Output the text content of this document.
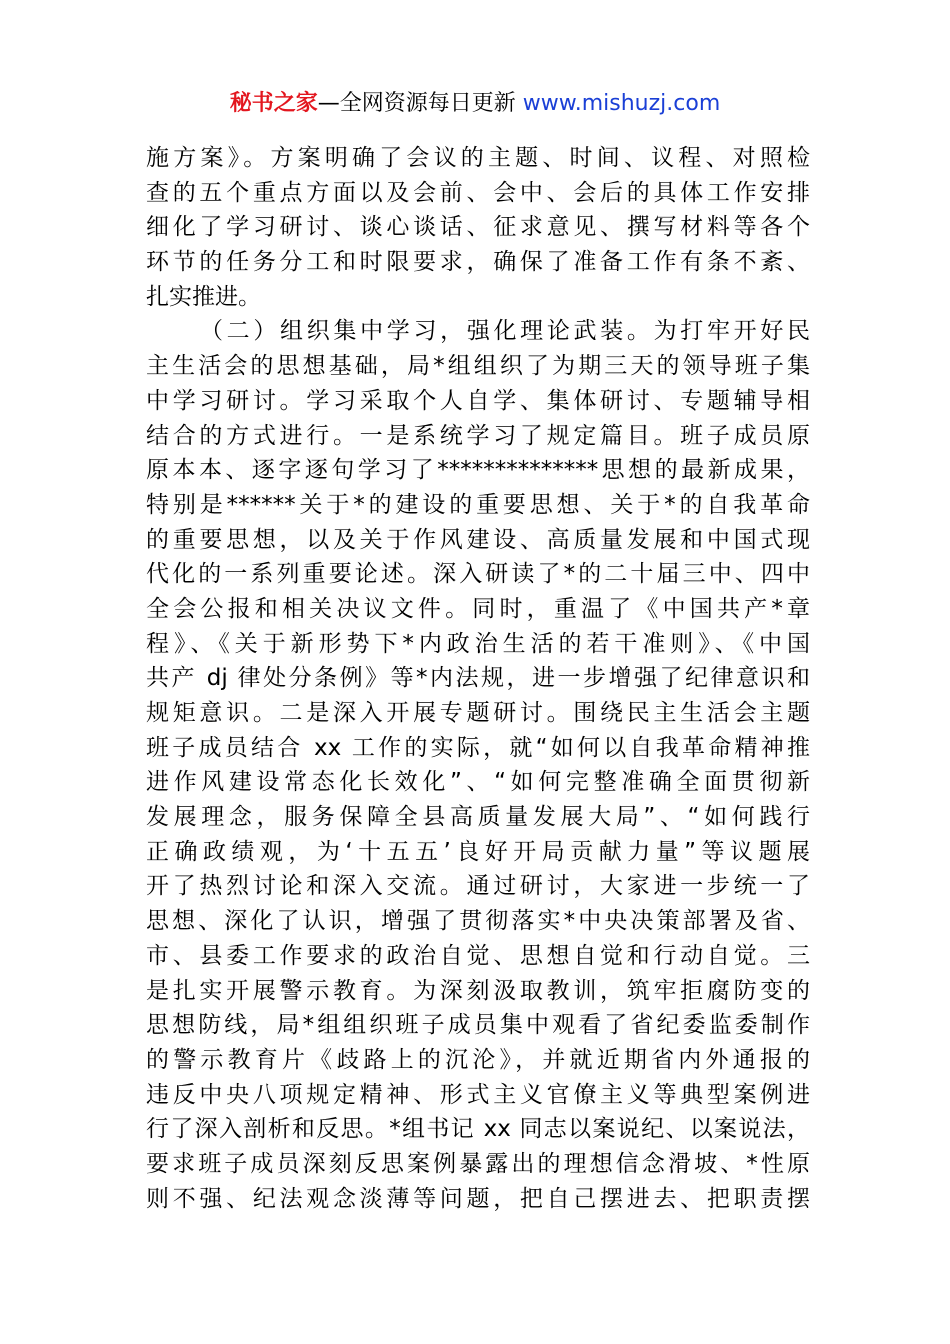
秘书之家—全网资源每日更新 www.mishuzj.com
施方案》。方案明确了会议的主题、时间、议程、对照检
查的五个重点方面以及会前、会中、会后的具体工作安排
细化了学习研讨、谈心谈话、征求意见、撰写材料等各个
环节的任务分工和时限要求，确保了准备工作有条不紊、
扎实推进。
（二）组织集中学习，强化理论武装。为打牢开好民
主生活会的思想基础，局*组组织了为期三天的领导班子集
中学习研讨。学习采取个人自学、集体研讨、专题辅导相
结合的方式进行。一是系统学习了规定篇目。班子成员原
原本本、逐字逐句学习了**************思想的最新成果，
特别是******关于*的建设的重要思想、关于*的自我革命
的重要思想，以及关于作风建设、高质量发展和中国式现
代化的一系列重要论述。深入研读了*的二十届三中、四中
全会公报和相关决议文件。同时，重温了《中国共产*章
程》、《关于新形势下*内政治生活的若干准则》、《中国
共产 dj 律处分条例》等*内法规，进一步增强了纪律意识和
规矩意识。二是深入开展专题研讨。围绕民主生活会主题
班子成员结合 xx 工作的实际，就“如何以自我革命精神推
进作风建设常态化长效化”、“如何完整准确全面贯彻新
发展理念，服务保障全县高质量发展大局”、“如何践行
正确政绩观，为‘十五五’良好开局贡献力量”等议题展
开了热烈讨论和深入交流。通过研讨，大家进一步统一了
思想、深化了认识，增强了贯彻落实*中央决策部署及省、
市、县委工作要求的政治自觉、思想自觉和行动自觉。三
是扎实开展警示教育。为深刻汲取教训，筑牢拒腐防变的
思想防线，局*组组织班子成员集中观看了省纪委监委制作
的警示教育片《歧路上的沉沦》，并就近期省内外通报的
违反中央八项规定精神、形式主义官僚主义等典型案例进
行了深入剖析和反思。*组书记 xx 同志以案说纪、以案说法，
要求班子成员深刻反思案例暴露出的理想信念滑坡、*性原
则不强、纪法观念淡薄等问题，把自己摆进去、把职责摆
